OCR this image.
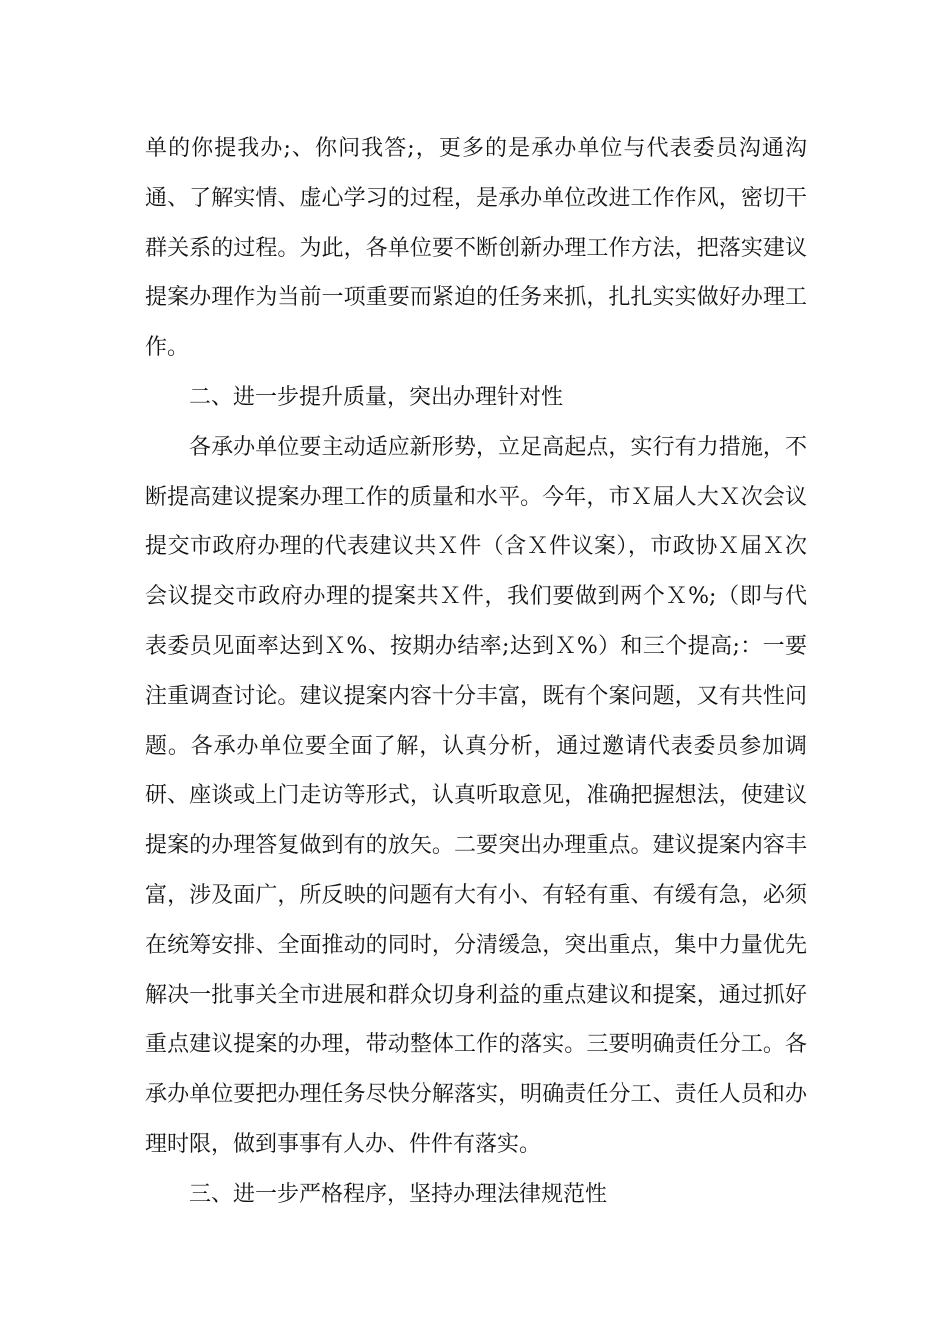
单的你提我办;、你问我答;，更多的是承办单位与代表委员沟通沟通、了解实情、虚心学习的过程，是承办单位改进工作作风，密切干群关系的过程。为此，各单位要不断创新办理工作方法，把落实建议提案办理作为当前一项重要而紧迫的任务来抓，扎扎实实做好办理工作。

二、进一步提升质量，突出办理针对性

各承办单位要主动适应新形势，立足高起点，实行有力措施，不断提高建议提案办理工作的质量和水平。今年，市Ｘ届人大Ｘ次会议提交市政府办理的代表建议共Ｘ件（含Ｘ件议案），市政协Ｘ届Ｘ次会议提交市政府办理的提案共Ｘ件，我们要做到两个Ｘ%;（即与代表委员见面率达到Ｘ%、按期办结率;达到Ｘ%）和三个提高;：一要注重调查讨论。建议提案内容十分丰富，既有个案问题，又有共性问题。各承办单位要全面了解，认真分析，通过邀请代表委员参加调研、座谈或上门走访等形式，认真听取意见，准确把握想法，使建议提案的办理答复做到有的放矢。二要突出办理重点。建议提案内容丰富，涉及面广，所反映的问题有大有小、有轻有重、有缓有急，必须在统筹安排、全面推动的同时，分清缓急，突出重点，集中力量优先解决一批事关全市进展和群众切身利益的重点建议和提案，通过抓好重点建议提案的办理，带动整体工作的落实。三要明确责任分工。各承办单位要把办理任务尽快分解落实，明确责任分工、责任人员和办理时限，做到事事有人办、件件有落实。

三、进一步严格程序，坚持办理法律规范性
